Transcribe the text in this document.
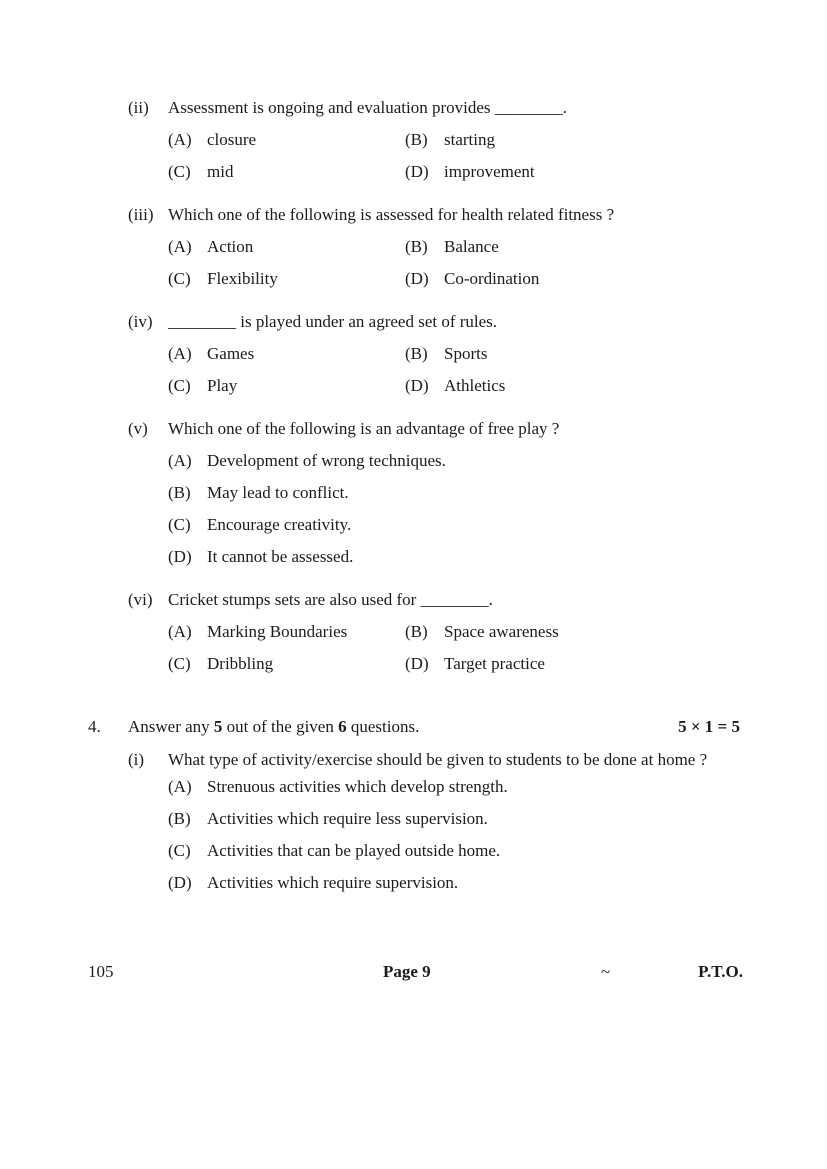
(ii)	Assessment is ongoing and evaluation provides ________.
(A) closure	(B) starting
(C) mid	(D) improvement
(iii) Which one of the following is assessed for health related fitness ?
(A) Action	(B) Balance
(C) Flexibility	(D) Co-ordination
(iv) ________ is played under an agreed set of rules.
(A) Games	(B) Sports
(C) Play	(D) Athletics
(v)	Which one of the following is an advantage of free play ?
(A) Development of wrong techniques.
(B) May lead to conflict.
(C) Encourage creativity.
(D) It cannot be assessed.
(vi) Cricket stumps sets are also used for ________.
(A) Marking Boundaries	(B) Space awareness
(C) Dribbling	(D) Target practice
4.	Answer any 5 out of the given 6 questions.	5 × 1 = 5
(i)	What type of activity/exercise should be given to students to be done at home ?
(A) Strenuous activities which develop strength.
(B) Activities which require less supervision.
(C) Activities that can be played outside home.
(D) Activities which require supervision.
105	Page 9	~	P.T.O.
